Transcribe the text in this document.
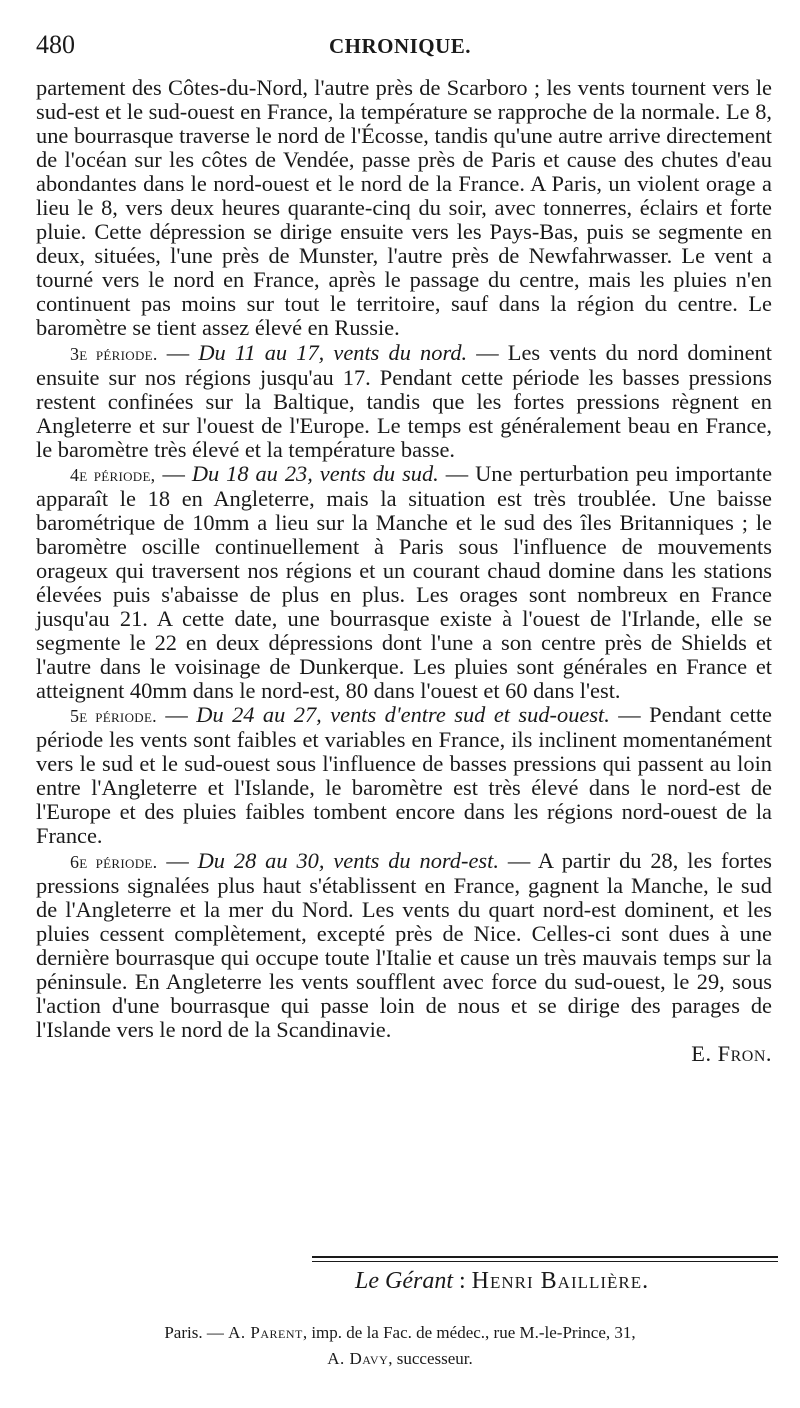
480	CHRONIQUE.

partement des Côtes-du-Nord, l'autre près de Scarboro ; les vents tournent vers le sud-est et le sud-ouest en France, la température se rapproche de la normale. Le 8, une bourrasque traverse le nord de l'Écosse, tandis qu'une autre arrive directement de l'océan sur les côtes de Vendée, passe près de Paris et cause des chutes d'eau abondantes dans le nord-ouest et le nord de la France. A Paris, un violent orage a lieu le 8, vers deux heures quarante-cinq du soir, avec tonnerres, éclairs et forte pluie. Cette dépression se dirige ensuite vers les Pays-Bas, puis se segmente en deux, situées, l'une près de Munster, l'autre près de Newfahrwasser. Le vent a tourné vers le nord en France, après le passage du centre, mais les pluies n'en continuent pas moins sur tout le territoire, sauf dans la région du centre. Le baromètre se tient assez élevé en Russie.

3e période. — Du 11 au 17, vents du nord. — Les vents du nord dominent ensuite sur nos régions jusqu'au 17. Pendant cette période les basses pressions restent confinées sur la Baltique, tandis que les fortes pressions règnent en Angleterre et sur l'ouest de l'Europe. Le temps est généralement beau en France, le baromètre très élevé et la température basse.

4e période, — Du 18 au 23, vents du sud. — Une perturbation peu importante apparaît le 18 en Angleterre, mais la situation est très troublée. Une baisse barométrique de 10mm a lieu sur la Manche et le sud des îles Britanniques ; le baromètre oscille continuellement à Paris sous l'influence de mouvements orageux qui traversent nos régions et un courant chaud domine dans les stations élevées puis s'abaisse de plus en plus. Les orages sont nombreux en France jusqu'au 21. A cette date, une bourrasque existe à l'ouest de l'Irlande, elle se segmente le 22 en deux dépressions dont l'une a son centre près de Shields et l'autre dans le voisinage de Dunkerque. Les pluies sont générales en France et atteignent 40mm dans le nord-est, 80 dans l'ouest et 60 dans l'est.

5e période. — Du 24 au 27, vents d'entre sud et sud-ouest. — Pendant cette période les vents sont faibles et variables en France, ils inclinent momentanément vers le sud et le sud-ouest sous l'influence de basses pressions qui passent au loin entre l'Angleterre et l'Islande, le baromètre est très élevé dans le nord-est de l'Europe et des pluies faibles tombent encore dans les régions nord-ouest de la France.

6e période. — Du 28 au 30, vents du nord-est. — A partir du 28, les fortes pressions signalées plus haut s'établissent en France, gagnent la Manche, le sud de l'Angleterre et la mer du Nord. Les vents du quart nord-est dominent, et les pluies cessent complètement, excepté près de Nice. Celles-ci sont dues à une dernière bourrasque qui occupe toute l'Italie et cause un très mauvais temps sur la péninsule. En Angleterre les vents soufflent avec force du sud-ouest, le 29, sous l'action d'une bourrasque qui passe loin de nous et se dirige des parages de l'Islande vers le nord de la Scandinavie.

E. Fron.

Le Gérant : Henri Baillière.
Paris. — A. Parent, imp. de la Fac. de médec., rue M.-le-Prince, 31,
A. Davy, successeur.
